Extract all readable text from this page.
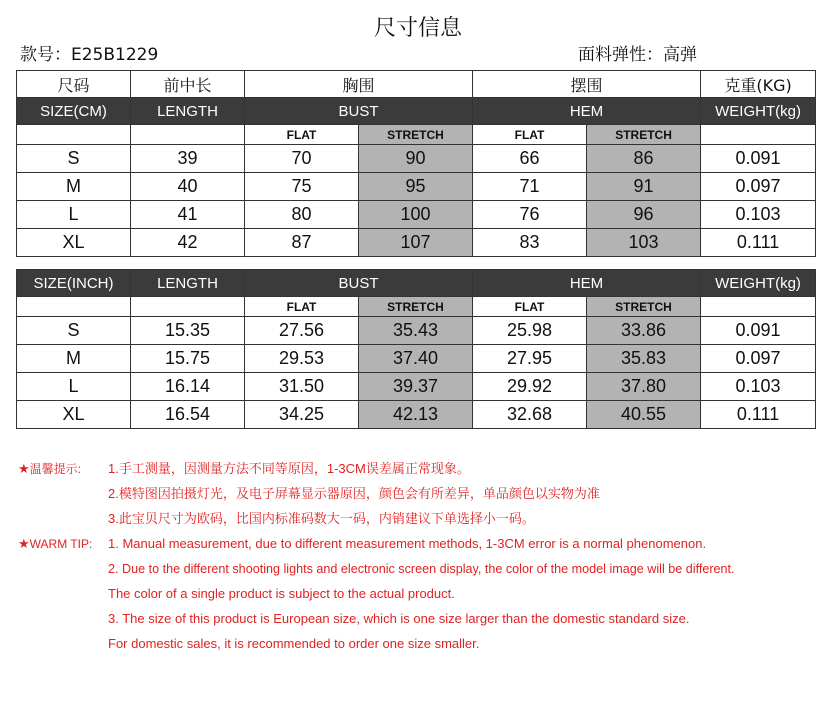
尺寸信息
款号：E25B1229	面料弹性：高弹
尺码	前中长	胸围		摆围		克重(KG)
SIZE(CM)	LENGTH	BUST		HEM		WEIGHT(kg)
		FLAT	STRETCH	FLAT	STRETCH	
S	39	70	90	66	86	0.091
M	40	75	95	71	91	0.097
L	41	80	100	76	96	0.103
XL	42	87	107	83	103	0.111
SIZE(INCH)	LENGTH	BUST		HEM		WEIGHT(kg)
		FLAT	STRETCH	FLAT	STRETCH	
S	15.35	27.56	35.43	25.98	33.86	0.091
M	15.75	29.53	37.40	27.95	35.83	0.097
L	16.14	31.50	39.37	29.92	37.80	0.103
XL	16.54	34.25	42.13	32.68	40.55	0.111
★温馨提示: 1.手工测量，因测量方法不同等原因，1-3CM误差属正常现象。
2.模特图因拍摄灯光，及电子屏幕显示器原因，颜色会有所差异，单品颜色以实物为准
3.此宝贝尺寸为欧码，比国内标准码数大一码，内销建议下单选择小一码。
★WARM TIP: 1. Manual measurement, due to different measurement methods, 1-3CM error is a normal phenomenon.
2. Due to the different shooting lights and electronic screen display, the color of the model image will be different.
The color of a single product is subject to the actual product.
3. The size of this product is European size, which is one size larger than the domestic standard size.
For domestic sales, it is recommended to order one size smaller.
